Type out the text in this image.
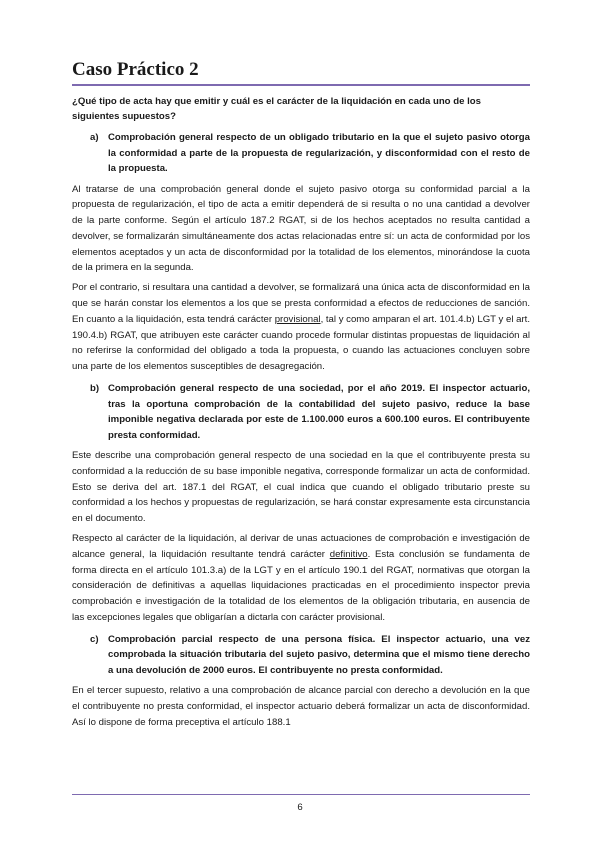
Caso Práctico 2

¿Qué tipo de acta hay que emitir y cuál es el carácter de la liquidación en cada uno de los siguientes supuestos?

a) Comprobación general respecto de un obligado tributario en la que el sujeto pasivo otorga la conformidad a parte de la propuesta de regularización, y disconformidad con el resto de la propuesta.

Al tratarse de una comprobación general donde el sujeto pasivo otorga su conformidad parcial a la propuesta de regularización, el tipo de acta a emitir dependerá de si resulta o no una cantidad a devolver de la parte conforme. Según el artículo 187.2 RGAT, si de los hechos aceptados no resulta cantidad a devolver, se formalizarán simultáneamente dos actas relacionadas entre sí: un acta de conformidad por los elementos aceptados y un acta de disconformidad por la totalidad de los elementos, minorándose la cuota de la primera en la segunda.

Por el contrario, si resultara una cantidad a devolver, se formalizará una única acta de disconformidad en la que se harán constar los elementos a los que se presta conformidad a efectos de reducciones de sanción. En cuanto a la liquidación, esta tendrá carácter provisional, tal y como amparan el art. 101.4.b) LGT y el art. 190.4.b) RGAT, que atribuyen este carácter cuando procede formular distintas propuestas de liquidación al no referirse la conformidad del obligado a toda la propuesta, o cuando las actuaciones concluyen sobre una parte de los elementos susceptibles de desagregación.

b) Comprobación general respecto de una sociedad, por el año 2019. El inspector actuario, tras la oportuna comprobación de la contabilidad del sujeto pasivo, reduce la base imponible negativa declarada por este de 1.100.000 euros a 600.100 euros. El contribuyente presta conformidad.

Este describe una comprobación general respecto de una sociedad en la que el contribuyente presta su conformidad a la reducción de su base imponible negativa, corresponde formalizar un acta de conformidad. Esto se deriva del art. 187.1 del RGAT, el cual indica que cuando el obligado tributario preste su conformidad a los hechos y propuestas de regularización, se hará constar expresamente esta circunstancia en el documento.

Respecto al carácter de la liquidación, al derivar de unas actuaciones de comprobación e investigación de alcance general, la liquidación resultante tendrá carácter definitivo. Esta conclusión se fundamenta de forma directa en el artículo 101.3.a) de la LGT y en el artículo 190.1 del RGAT, normativas que otorgan la consideración de definitivas a aquellas liquidaciones practicadas en el procedimiento inspector previa comprobación e investigación de la totalidad de los elementos de la obligación tributaria, en ausencia de las excepciones legales que obligarían a dictarla con carácter provisional.

c) Comprobación parcial respecto de una persona física. El inspector actuario, una vez comprobada la situación tributaria del sujeto pasivo, determina que el mismo tiene derecho a una devolución de 2000 euros. El contribuyente no presta conformidad.

En el tercer supuesto, relativo a una comprobación de alcance parcial con derecho a devolución en la que el contribuyente no presta conformidad, el inspector actuario deberá formalizar un acta de disconformidad. Así lo dispone de forma preceptiva el artículo 188.1

6
